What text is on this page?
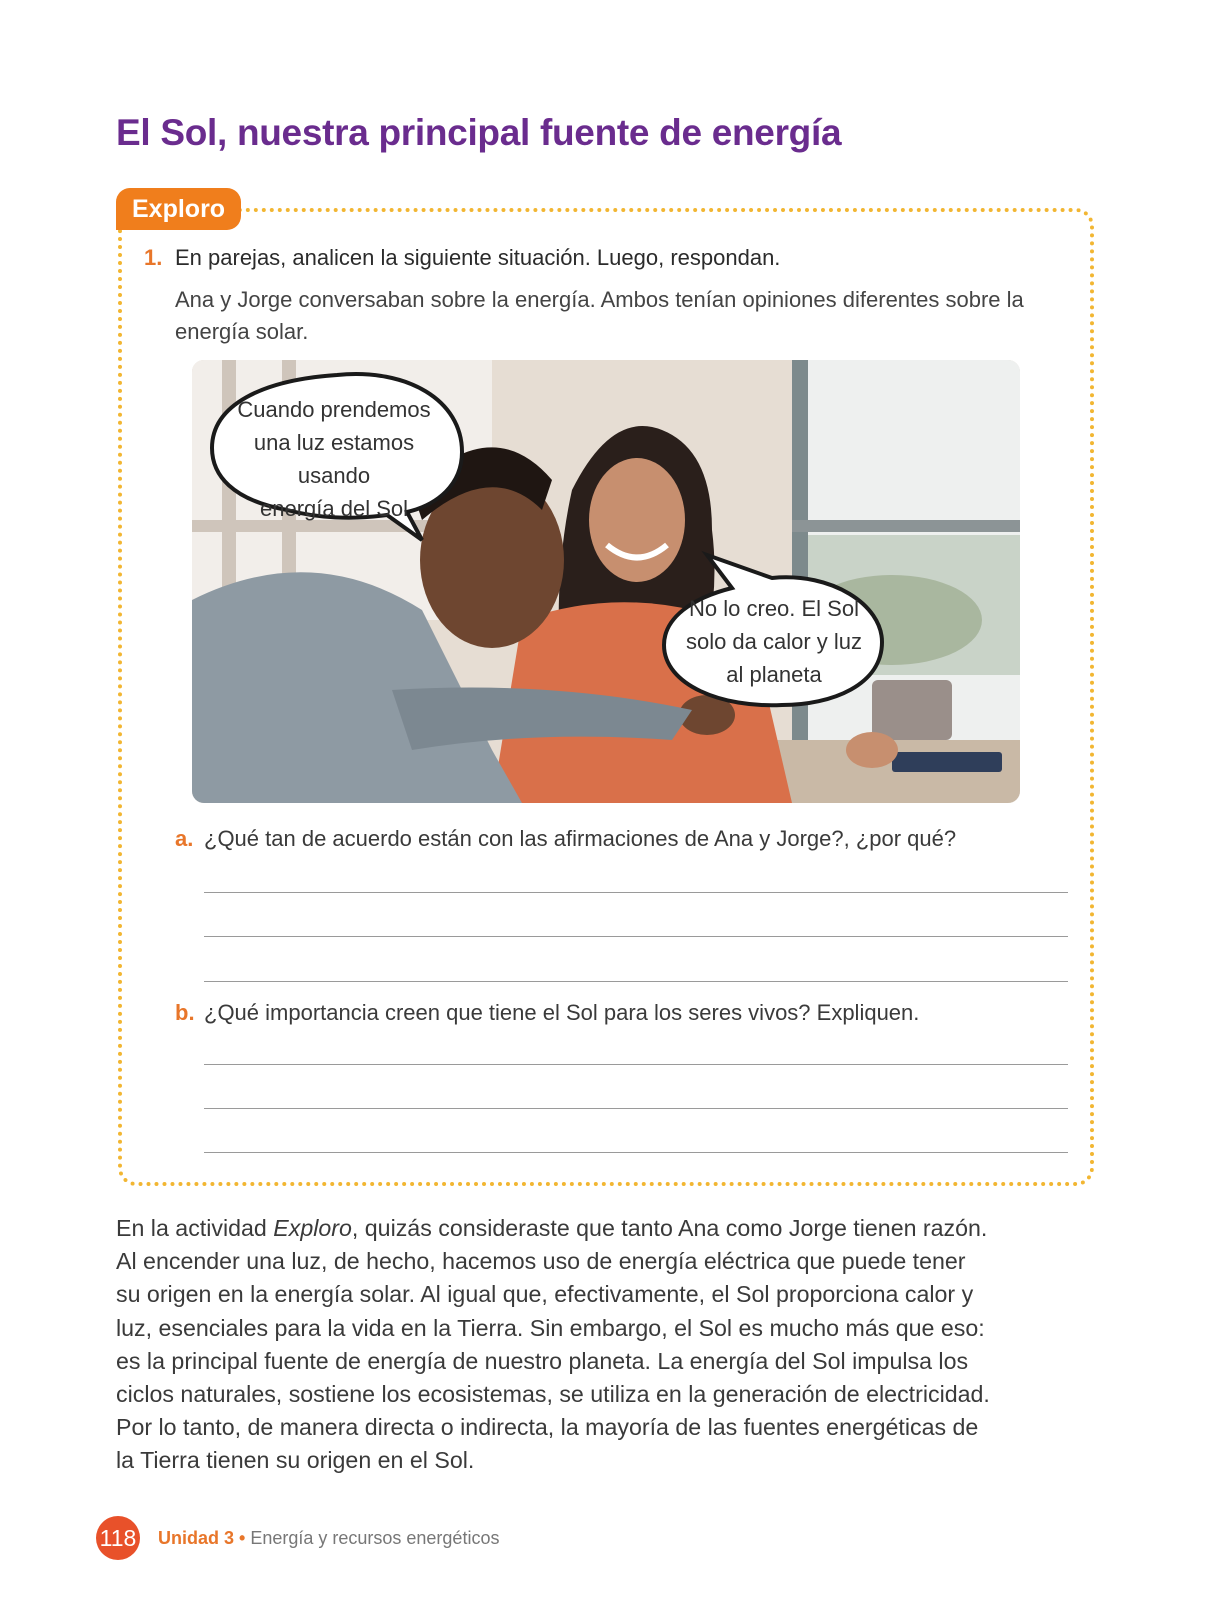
El Sol, nuestra principal fuente de energía
Exploro
1. En parejas, analicen la siguiente situación. Luego, respondan.
Ana y Jorge conversaban sobre la energía. Ambos tenían opiniones diferentes sobre la energía solar.
Cuando prendemos
una luz estamos usando
energía del Sol
No lo creo. El Sol
solo da calor y luz
al planeta
a. ¿Qué tan de acuerdo están con las afirmaciones de Ana y Jorge?, ¿por qué?
b. ¿Qué importancia creen que tiene el Sol para los seres vivos? Expliquen.

En la actividad Exploro, quizás consideraste que tanto Ana como Jorge tienen razón. Al encender una luz, de hecho, hacemos uso de energía eléctrica que puede tener su origen en la energía solar. Al igual que, efectivamente, el Sol proporciona calor y luz, esenciales para la vida en la Tierra. Sin embargo, el Sol es mucho más que eso: es la principal fuente de energía de nuestro planeta. La energía del Sol impulsa los ciclos naturales, sostiene los ecosistemas, se utiliza en la generación de electricidad. Por lo tanto, de manera directa o indirecta, la mayoría de las fuentes energéticas de la Tierra tienen su origen en el Sol.

118 Unidad 3 • Energía y recursos energéticos
